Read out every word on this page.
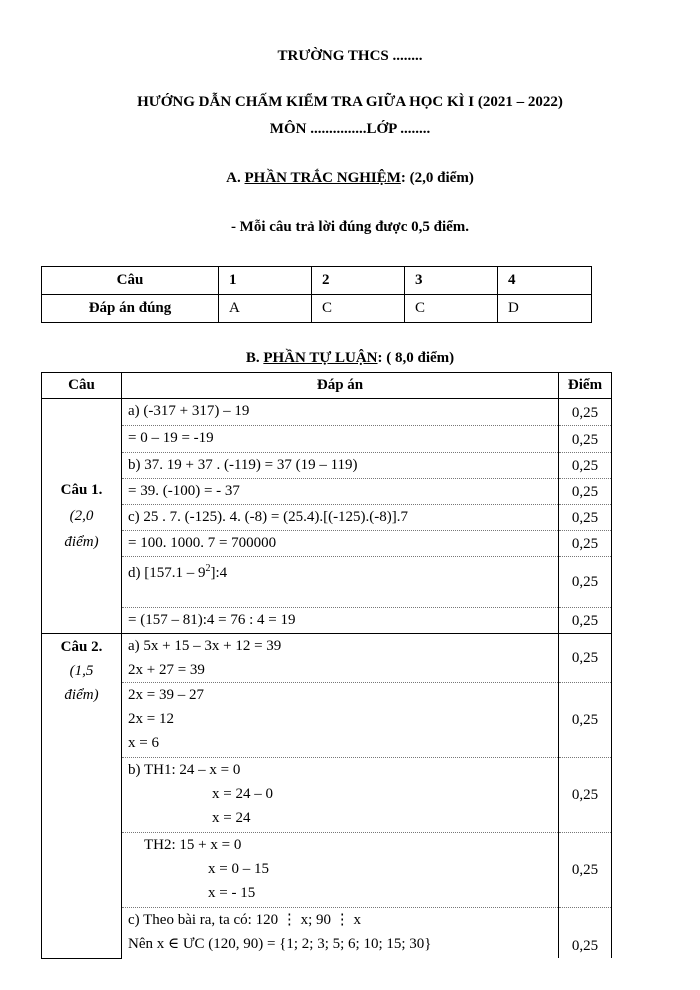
TRƯỜNG THCS ........
HƯỚNG DẪN CHẤM KIỂM TRA GIỮA HỌC KÌ I (2021 – 2022)
MÔN ...............LỚP ........
A. PHẦN TRẮC NGHIỆM: (2,0 điểm)
- Mỗi câu trả lời đúng được 0,5 điểm.
Câu	1	2	3	4
Đáp án đúng	A	C	C	D
B. PHẦN TỰ LUẬN: ( 8,0 điểm)
Câu	Đáp án	Điểm

Câu 1.
(2,0
điểm)	a) (-317 + 317) – 19	0,25
	= 0 – 19 = -19	0,25
	b) 37. 19 + 37 . (-119) = 37 (19 – 119)	0,25
	= 39. (-100) = - 37	0,25
	c) 25 . 7. (-125). 4. (-8) = (25.4).[(-125).(-8)].7	0,25
	= 100. 1000. 7 = 700000	0,25
	d) $[157.1 - 9^2]:4$	0,25
	= (157 – 81):4 = 76 : 4 = 19	0,25

Câu 2.
(1,5
điểm)	a) 5x + 15 – 3x + 12 = 39
2x + 27 = 39	0,25

	2x = 39 – 27
2x = 12
x = 6	0,25

	b) TH1: 24 – x = 0
x = 24 – 0
x = 24	0,25

	TH2: 15 + x = 0
x = 0 – 15
x = - 15	0,25

	c) Theo bài ra, ta có: 120 ⋮ x; 90 ⋮ x
Nên x ∈ ƯC (120, 90) = {1; 2; 3; 5; 6; 10; 15; 30}	0,25
